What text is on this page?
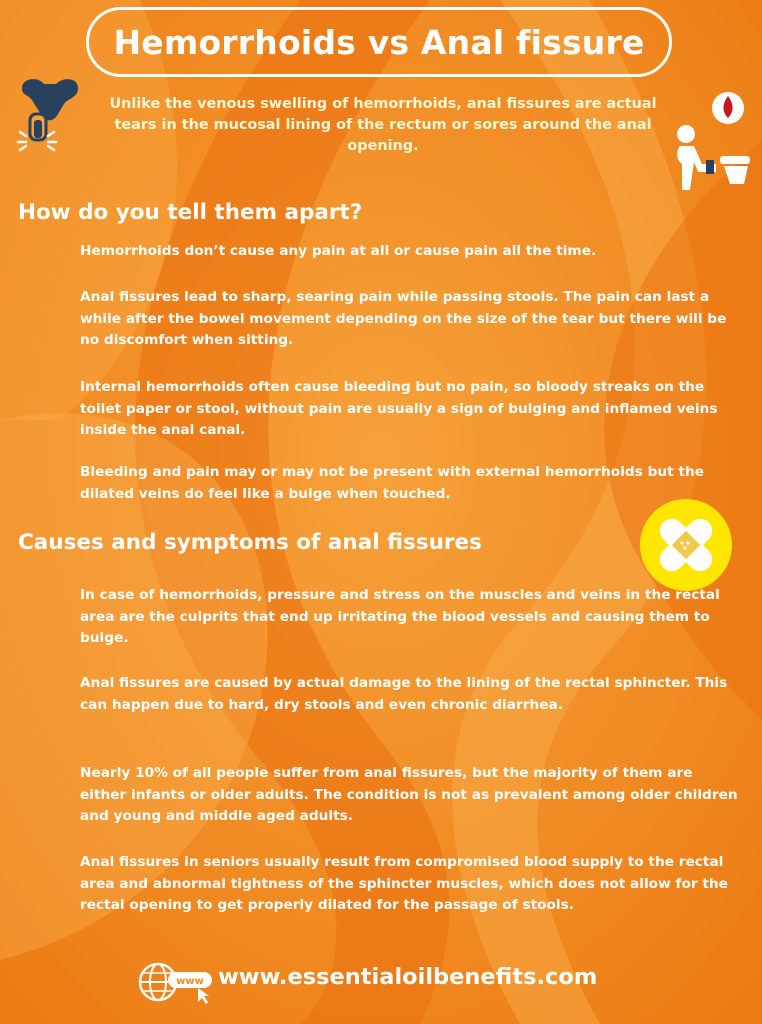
Hemorrhoids vs Anal fissure

Unlike the venous swelling of hemorrhoids, anal fissures are actual tears in the mucosal lining of the rectum or sores around the anal opening.

How do you tell them apart?

Hemorrhoids don’t cause any pain at all or cause pain all the time.

Anal fissures lead to sharp, searing pain while passing stools. The pain can last a while after the bowel movement depending on the size of the tear but there will be no discomfort when sitting.

Internal hemorrhoids often cause bleeding but no pain, so bloody streaks on the toilet paper or stool, without pain are usually a sign of bulging and inflamed veins inside the anal canal.

Bleeding and pain may or may not be present with external hemorrhoids but the dilated veins do feel like a bulge when touched.

Causes and symptoms of anal fissures

In case of hemorrhoids, pressure and stress on the muscles and veins in the rectal area are the culprits that end up irritating the blood vessels and causing them to bulge.

Anal fissures are caused by actual damage to the lining of the rectal sphincter. This can happen due to hard, dry stools and even chronic diarrhea.

Nearly 10% of all people suffer from anal fissures, but the majority of them are either infants or older adults. The condition is not as prevalent among older children and young and middle aged adults.

Anal fissures in seniors usually result from compromised blood supply to the rectal area and abnormal tightness of the sphincter muscles, which does not allow for the rectal opening to get properly dilated for the passage of stools.

www www.essentialoilbenefits.com
